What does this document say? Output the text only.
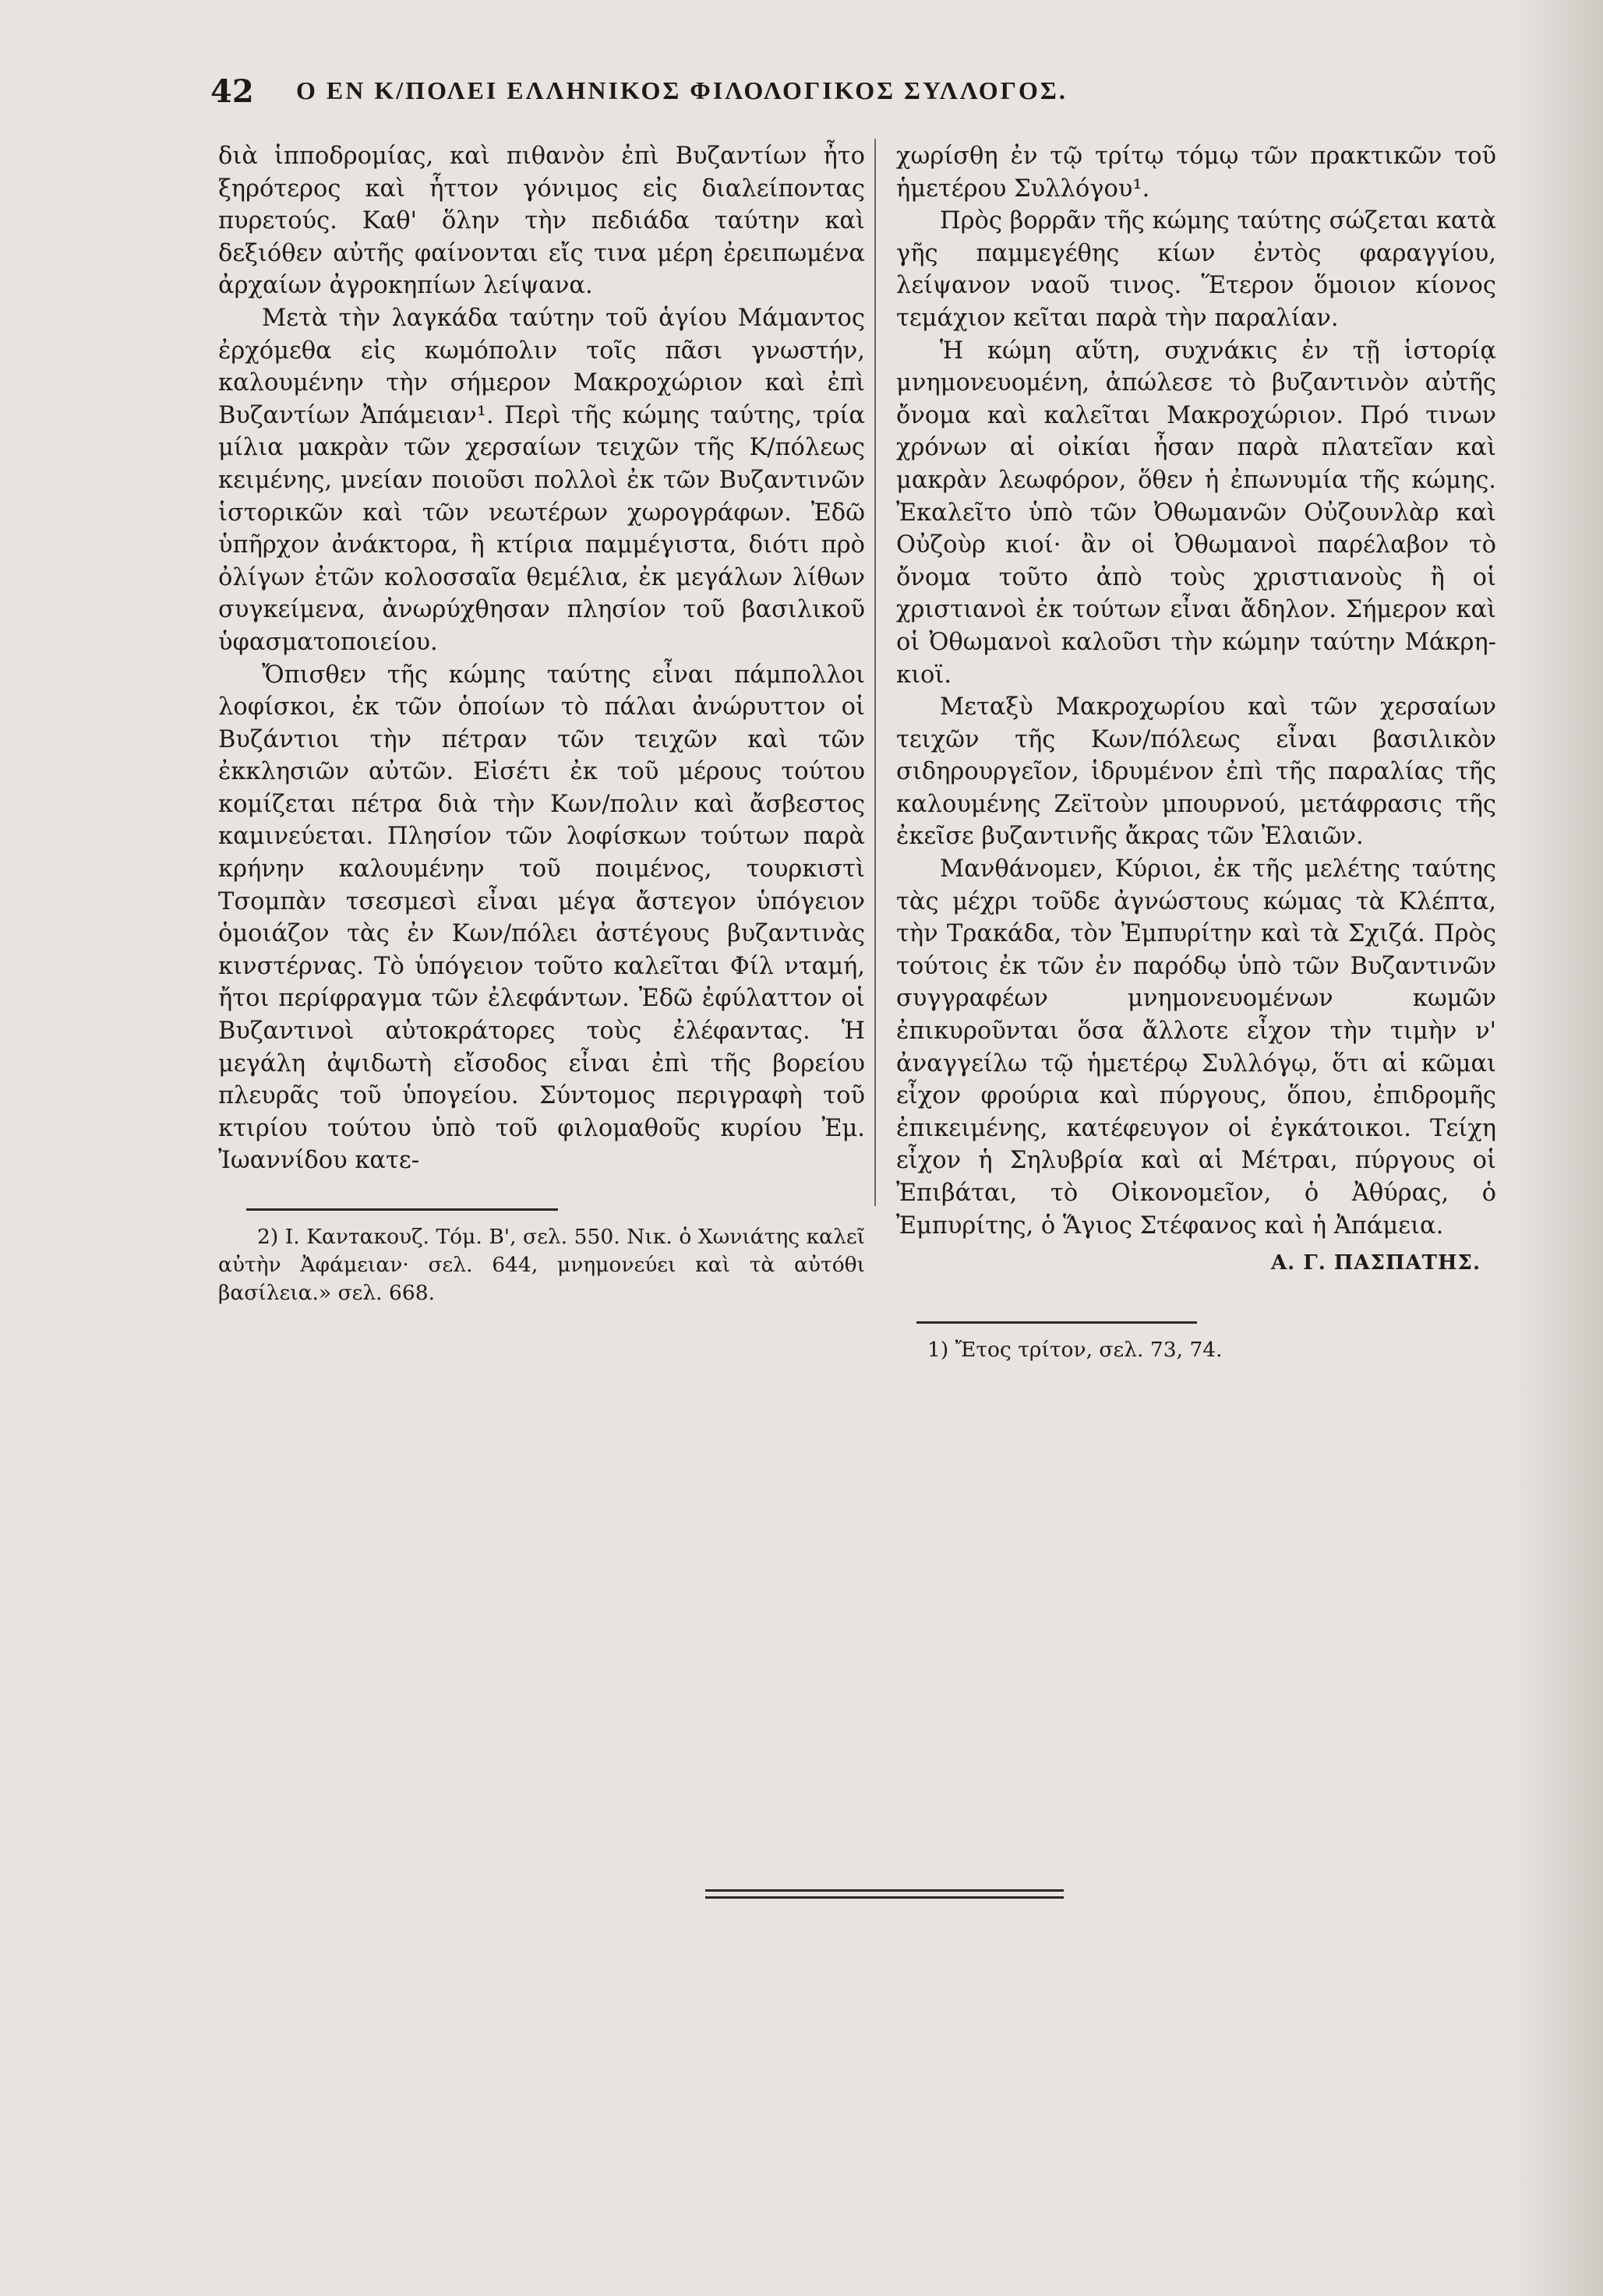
42 Ο ΕΝ Κ/ΠΟΛΕΙ ΕΛΛΗΝΙΚΟΣ ΦΙΛΟΛΟΓΙΚΟΣ ΣΥΛΛΟΓΟΣ.

διὰ ἱπποδρομίας, καὶ πιθανὸν ἐπὶ Βυζαντίων ἦτο ξηρότερος καὶ ἧττον γόνιμος εἰς διαλείποντας πυρετούς. Καθ' ὅλην τὴν πεδιάδα ταύτην καὶ δεξιόθεν αὐτῆς φαίνονται εἴς τινα μέρη ἐρειπωμένα ἀρχαίων ἀγροκηπίων λείψανα.

Μετὰ τὴν λαγκάδα ταύτην τοῦ ἁγίου Μάμαντος ἐρχόμεθα εἰς κωμόπολιν τοῖς πᾶσι γνωστήν, καλουμένην τὴν σήμερον Μακροχώριον καὶ ἐπὶ Βυζαντίων Ἀπάμειαν¹. Περὶ τῆς κώμης ταύτης, τρία μίλια μακρὰν τῶν χερσαίων τειχῶν τῆς Κ/πόλεως κειμένης, μνείαν ποιοῦσι πολλοὶ ἐκ τῶν Βυζαντινῶν ἱστορικῶν καὶ τῶν νεωτέρων χωρογράφων. Ἐδῶ ὑπῆρχον ἀνάκτορα, ἢ κτίρια παμμέγιστα, διότι πρὸ ὀλίγων ἐτῶν κολοσσαῖα θεμέλια, ἐκ μεγάλων λίθων συγκείμενα, ἀνωρύχθησαν πλησίον τοῦ βασιλικοῦ ὑφασματοποιείου.

Ὄπισθεν τῆς κώμης ταύτης εἶναι πάμπολλοι λοφίσκοι, ἐκ τῶν ὁποίων τὸ πάλαι ἀνώρυττον οἱ Βυζάντιοι τὴν πέτραν τῶν τειχῶν καὶ τῶν ἐκκλησιῶν αὐτῶν. Εἰσέτι ἐκ τοῦ μέρους τούτου κομίζεται πέτρα διὰ τὴν Κων/πολιν καὶ ἄσβεστος καμινεύεται. Πλησίον τῶν λοφίσκων τούτων παρὰ κρήνην καλουμένην τοῦ ποιμένος, τουρκιστὶ Τσομπὰν τσεσμεσὶ εἶναι μέγα ἄστεγον ὑπόγειον ὁμοιάζον τὰς ἐν Κων/πόλει ἀστέγους βυζαντινὰς κινστέρνας. Τὸ ὑπόγειον τοῦτο καλεῖται Φίλ νταμή, ἤτοι περίφραγμα τῶν ἐλεφάντων. Ἐδῶ ἐφύλαττον οἱ Βυζαντινοὶ αὐτοκράτορες τοὺς ἐλέφαντας. Ἡ μεγάλη ἀψιδωτὴ εἴσοδος εἶναι ἐπὶ τῆς βορείου πλευρᾶς τοῦ ὑπογείου. Σύντομος περιγραφὴ τοῦ κτιρίου τούτου ὑπὸ τοῦ φιλομαθοῦς κυρίου Ἐμ. Ἰωαννίδου κατε-

2) Ι. Κανтακουζ. Τόμ. Β', σελ. 550. Νικ. ὁ Χωνιάτης καλεῖ αὐτὴν Ἀφάμειαν· σελ. 644, μνημονεύει καὶ τὰ αὐτόθι βασίλεια.» σελ. 668.

χωρίσθη ἐν τῷ τρίτῳ τόμῳ τῶν πρακτικῶν τοῦ ἡμετέρου Συλλόγου¹.

Πρὸς βορρᾶν τῆς κώμης ταύτης σώζεται κατὰ γῆς παμμεγέθης κίων ἐντὸς φαραγγίου, λείψανον ναοῦ τινος. Ἕτερον ὅμοιον κίονος τεμάχιον κεῖται παρὰ τὴν παραλίαν.

Ἡ κώμη αὕτη, συχνάκις ἐν τῇ ἱστορίᾳ μνημονευομένη, ἀπώλεσε τὸ βυζαντινὸν αὐτῆς ὄνομα καὶ καλεῖται Μακροχώριον. Πρό τινων χρόνων αἱ οἰκίαι ἦσαν παρὰ πλατεῖαν καὶ μακρὰν λεωφόρον, ὅθεν ἡ ἐπωνυμία τῆς κώμης. Ἐκαλεῖτο ὑπὸ τῶν Ὀθωμανῶν Οὐζουνλὰρ καὶ Οὐζοὺρ κιοί· ἂν οἱ Ὀθωμανοὶ παρέλαβον τὸ ὄνομα τοῦτο ἀπὸ τοὺς χριστιανοὺς ἢ οἱ χριστιανοὶ ἐκ τούτων εἶναι ἄδηλον. Σήμερον καὶ οἱ Ὀθωμανοὶ καλοῦσι τὴν κώμην ταύτην Μάκρη-κιοϊ.

Μεταξὺ Μακροχωρίου καὶ τῶν χερσαίων τειχῶν τῆς Κων/πόλεως εἶναι βασιλικὸν σιδηρουργεῖον, ἱδρυμένον ἐπὶ τῆς παραλίας τῆς καλουμένης Ζεϊτοὺν μπουρνού, μετάφρασις τῆς ἐκεῖσε βυζαντινῆς ἄκρας τῶν Ἐλαιῶν.

Μανθάνομεν, Κύριοι, ἐκ τῆς μελέτης ταύτης τὰς μέχρι τοῦδε ἀγνώστους κώμας τὰ Κλέπτα, τὴν Τρακάδα, τὸν Ἐμπυρίτην καὶ τὰ Σχιζά. Πρὸς τούτοις ἐκ τῶν ἐν παρόδῳ ὑπὸ τῶν Βυζαντινῶν συγγραφέων μνημονευομένων κωμῶν ἐπικυροῦνται ὅσα ἄλλοτε εἶχον τὴν τιμὴν ν' ἀναγγείλω τῷ ἡμετέρῳ Συλλόγῳ, ὅτι αἱ κῶμαι εἶχον φρούρια καὶ πύργους, ὅπου, ἐπιδρομῆς ἐπικειμένης, κατέφευγον οἱ ἐγκάτοικοι. Τείχη εἶχον ἡ Σηλυβρία καὶ αἱ Μέτραι, πύργους οἱ Ἐπιβάται, τὸ Οἰκονομεῖον, ὁ Ἀθύρας, ὁ Ἐμπυρίτης, ὁ Ἅγιος Στέφανος καὶ ἡ Ἀπάμεια.

Α. Γ. ΠΑΣΠΑΤΗΣ.

1) Ἔτος τρίτον, σελ. 73, 74.
